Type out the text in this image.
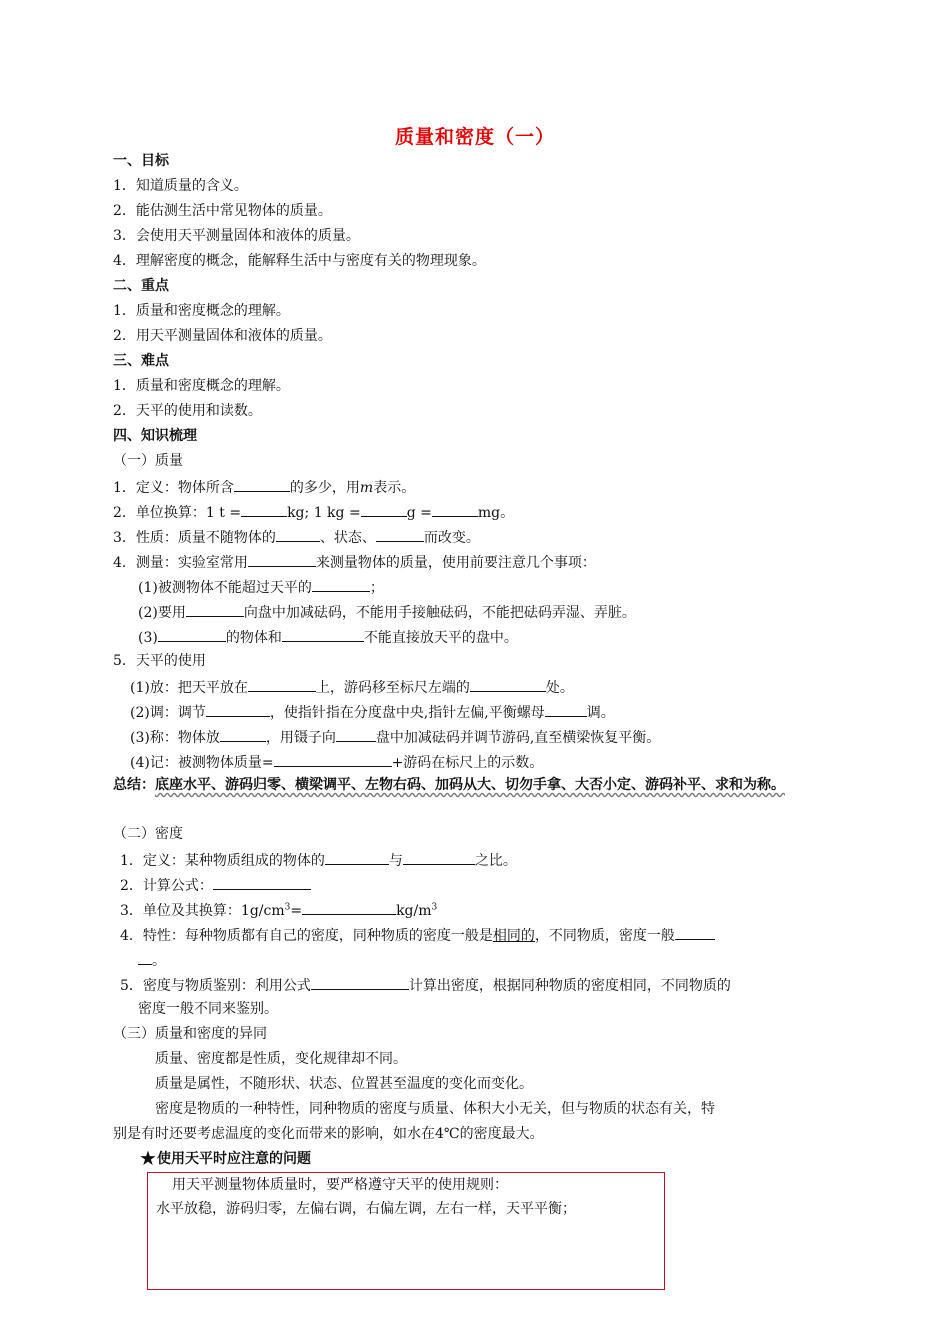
质量和密度（一）
一、目标
1．知道质量的含义。
2．能估测生活中常见物体的质量。
3．会使用天平测量固体和液体的质量。
4．理解密度的概念，能解释生活中与密度有关的物理现象。
二、重点
1．质量和密度概念的理解。
2．用天平测量固体和液体的质量。
三、难点
1．质量和密度概念的理解。
2．天平的使用和读数。
四、知识梳理
（一）质量
1．定义：物体所含	的多少，用m表示。
2．单位换算：1 t =	kg; 1 kg =	g =	mg。
3．性质：质量不随物体的	、状态、	而改变。
4．测量：实验室常用	来测量物体的质量，使用前要注意几个事项：
(1)被测物体不能超过天平的	；
(2)要用	向盘中加减砝码，不能用手接触砝码，不能把砝码弄湿、弄脏。
(3)	的物体和	不能直接放天平的盘中。
5．天平的使用
(1)放：把天平放在	上，游码移至标尺左端的	处。
(2)调：调节	，使指针指在分度盘中央,指针左偏,平衡螺母	调。
(3)称：物体放	，用镊子向	盘中加减砝码并调节游码,直至横梁恢复平衡。
(4)记：被测物体质量=	+游码在标尺上的示数。
总结：底座水平、游码归零、横梁调平、左物右码、加码从大、切勿手拿、大否小定、游码补平、求和为称。
（二）密度
1．定义：某种物质组成的物体的	与	之比。
2．计算公式：
3．单位及其换算：$1g/cm^3=$	$kg/m^3$
4．特性：每种物质都有自己的密度，同种物质的密度一般是相同的，不同物质，密度一般
。
5．密度与物质鉴别：利用公式	计算出密度，根据同种物质的密度相同，不同物质的
密度一般不同来鉴别。
（三）质量和密度的异同
质量、密度都是性质，变化规律却不同。
质量是属性，不随形状、状态、位置甚至温度的变化而变化。
密度是物质的一种特性，同种物质的密度与质量、体积大小无关，但与物质的状态有关，特
别是有时还要考虑温度的变化而带来的影响，如水在4℃的密度最大。
★ 使用天平时应注意的问题
用天平测量物体质量时，要严格遵守天平的使用规则：
水平放稳，游码归零，左偏右调，右偏左调，左右一样，天平平衡；
